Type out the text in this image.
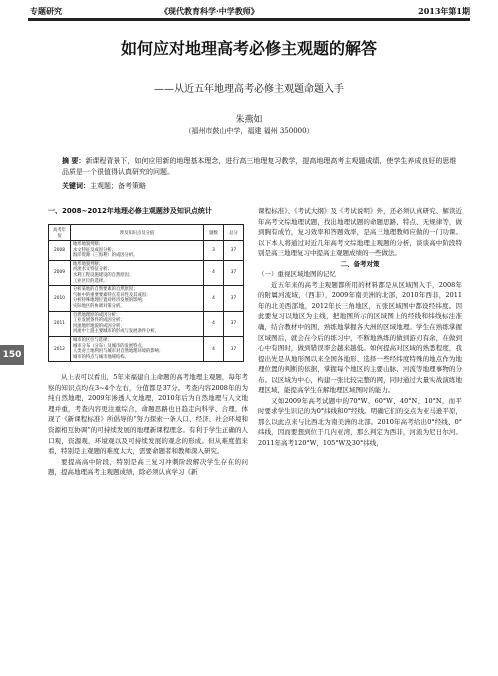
专题研究	《现代教育科学·中学教师》	2013年第1期
如何应对地理高考必修主观题的解答
——从近五年地理高考必修主观题命题入手
朱燕如
（福州市鼓山中学，福建 福州 350000）
摘 要：新课程背景下，如何应用新的地理基本理念，进行高三地理复习教学，提高地理高考主观题成绩，使学生养成良好的思维品质是一个很值得认真研究的问题。
关键词：主观题；备考策略
150
一、2008~2012年地理必修主观题涉及知识点统计
高考年份	涉及知识点及分值	题数	总分
2008	地形地貌判断；
水文特征及成因分析；
海洋资源（三海利）的成因分析。	3	37
2009	地形地貌判断；
河流水文特征分析；
水利工程设施建设的自然原因；
工业区位的选择。	4	37
2010	分析某地的自然要素的自然原因；
气候中的重要要素特点差异性及其成因；
分析特殊地理位置对经济发展的影响；
实际地区的协调对策分析。	4	37
2011	自然地理原的成因分析；
工业发展条件的成因分析；
河流地形地貌的成因分析；
河流中上游主要城市的形成与发展条件分析。	4	37
2012	城市的区位与选择；
城市分布（分布）及城市的发展特点；
人类对土地利用与城市对自然地理环境的影响；
城市的特点与城市地域结构。	4	37
从上表可以看出，5年来福建自主命题的高考地理主观题，每年考察的知识点均在3~4个左右，分值都是37分。考查内容2008年的为纯自然地理，2009年渗透人文地理，2010年后为自然地理与人文地理并重，考查内容更注重综合，命题思路也日趋走向科学、合理，体现了《新课程标准》所倡导的“努力探索一条人口、经济、社会环境和资源相互协调”的可持续发展的地理新课程理念。有利于学生正确的人口观，资源观，环境观以及可持续发展的观念的形成。但从难度值来看，特别是主观题的难度太大，需要命题者和教师深入研究。
要提高高中阶段，特别是高三复习冲刺阶段解决学生存在的问题，提高地理高考主观题成绩，除必须认真学习《新
课程标准》、《考试大纲》及《考试说明》外，还必须认真研究、解读近年高考文综地理试题，找出地理试题的命题思路、特点、无规律等，做到胸有成竹，复习效率和答题效率，是高三地理教师应做的一门功课。以下本人将通过对近几年高考文综地理主观题的分析，谈谈高中阶段特别是高三地理复习中提高主观题成绩的一些做法。
二、备考对策
（一）重视区域地图的记忆
近五年来的高考主观题都所用的材料都是从区域图入手，2008年的附属河流域，（西非），2009年南美洲的北部，2010年西非，2011年的北美西部地，2012年长三角地区，五张区域图中都设经纬度。因此要复习以地区为主线，把地图所示的区域图上的经线和纬线标注准确，结合教材中的图，熟练地掌握各大洲的区域地理。学生在熟练掌握区域图后，就会在今后的练习中，不断地熟练的做到游刃有余，在做到心中有图时，做到错误率会越来越低。如何提高对区域的熟悉程度，我提出先是从地形图以来全国各地形、选择一些经纬度特殊的地点作为地理位置的判断的依据，掌握每个地区的主要山脉、河流等地理事物的分布。以区域为中心，构建一张比较完整的网，同时通过大量实战演练地理区域，能提高学生在解地理区域图时的能力。
又如2009年高考试题中的70°W、60°W、40°N、10°N，而平时要求学生识记的为0°纬线和0°经线。明确它们的交点为亚马逊平原，那么以此点来与比西北为南美洲的北部。2010年高考给出0°经线、0°纬线，因而要想到位于几内亚湾，那么判定为西非，河流为尼日尔河。2011年高考120°W，105°W及30°纬线，
